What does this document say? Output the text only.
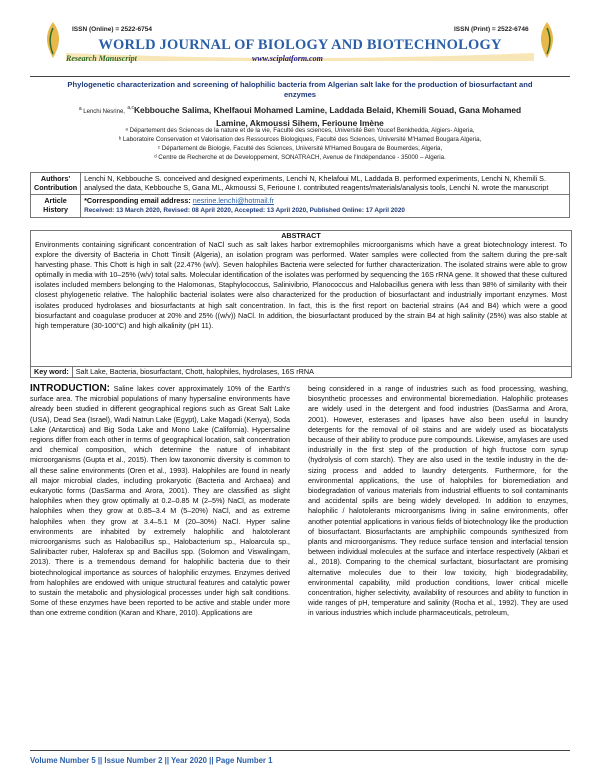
ISSN (Online) = 2522-6754	ISSN (Print) = 2522-6746
WORLD JOURNAL OF BIOLOGY AND BIOTECHNOLOGY
Research Manuscript	www.sciplatform.com
Phylogenetic characterization and screening of halophilic bacteria from Algerian salt lake for the production of biosurfactant and enzymes
$^a$ Lenchi Nesrine, $^{a,c}$Kebbouche Salima, Khelfaoui Mohamed Lamine, Laddada Belaid, Khemili Souad, Gana Mohamed
Lamine, Akmoussi Sihem, Ferioune Imène
ᵃ Département des Sciences de la nature et de la vie, Faculté des sciences, Université Ben Youcef Benkhedda, Algiers- Algeria,
ᵇ Laboratoire Conservation et Valorisation des Ressources Biologiques, Faculté des Sciences, Université M'Hamed Bougara Algeria,
ᶜ Département de Biologie, Faculté des Sciences, Université M'Hamed Bougara de Boumerdes, Algeria,
ᵈ Centre de Recherche et de Developpement, SONATRACH, Avenue de l'Indépendance - 35000 – Algeria.
Authors' Contribution	Lenchi N, Kebbouche S. conceived and designed experiments, Lenchi N, Khelafoui ML, Laddada B. performed experiments, Lenchi N, Khemili S. analysed the data, Kebbouche S, Gana ML, Akmoussi S, Ferioune I. contributed reagents/materials/analysis tools, Lenchi N. wrote the manuscript
Article History	*Corresponding email address: nesrine.lenchi@hotmail.fr
Received: 13 March 2020, Revised: 08 April 2020, Accepted: 13 April 2020, Published Online: 17 April 2020
ABSTRACT
Environments containing significant concentration of NaCl such as salt lakes harbor extremophiles microorganisms which have a great biotechnology interest. To explore the diversity of Bacteria in Chott Tinsilt (Algeria), an isolation program was performed. Water samples were collected from the saltern during the pre-salt harvesting phase. This Chott is high in salt (22.47% (w/v). Seven halophiles Bacteria were selected for further characterization. The isolated strains were able to grow optimally in media with 10–25% (w/v) total salts. Molecular identification of the isolates was performed by sequencing the 16S rRNA gene. It showed that these cultured isolates included members belonging to the Halomonas, Staphylococcus, Salinivibrio, Planococcus and Halobacillus genera with less than 98% of similarity with their closest phylogenetic relative. The halophilic bacterial isolates were also characterized for the production of biosurfactant and industrially important enzymes. Most isolates produced hydrolases and biosurfactants at high salt concentration. In fact, this is the first report on bacterial strains (A4 and B4) which were a good biosurfactant and coagulase producer at 20% and 25% ((w/v)) NaCl. In addition, the biosurfactant produced by the strain B4 at high salinity (25%) was also stable at high temperature (30-100°C) and high alkalinity (pH 11).
Key word: Salt Lake, Bacteria, biosurfactant, Chott, halophiles, hydrolases, 16S rRNA
INTRODUCTION: Saline lakes cover approximately 10% of the Earth's surface area. The microbial populations of many hypersaline environments have already been studied in different geographical regions such as Great Salt Lake (USA), Dead Sea (Israel), Wadi Natrun Lake (Egypt), Lake Magadi (Kenya), Soda Lake (Antarctica) and Big Soda Lake and Mono Lake (California). Hypersaline regions differ from each other in terms of geographical location, salt concentration and chemical composition, which determine the nature of inhabitant microorganisms (Gupta et al., 2015). Then low taxonomic diversity is common to all these saline environments (Oren et al., 1993). Halophiles are found in nearly all major microbial clades, including prokaryotic (Bacteria and Archaea) and eukaryotic forms (DasSarma and Arora, 2001). They are classified as slight halophiles when they grow optimally at 0.2–0.85 M (2–5%) NaCl, as moderate halophiles when they grow at 0.85–3.4 M (5–20%) NaCl, and as extreme halophiles when they grow at 3.4–5.1 M (20–30%) NaCl. Hyper saline environments are inhabited by extremely halophilic and halotolerant microorganisms such as Halobacillus sp., Halobacterium sp., Haloarcula sp., Salinibacter ruber, Haloferax sp and Bacillus spp. (Solomon and Viswalingam, 2013). There is a tremendous demand for halophilic bacteria due to their biotechnological importance as sources of halophilic enzymes. Enzymes derived from halophiles are endowed with unique structural features and catalytic power to sustain the metabolic and physiological processes under high salt conditions. Some of these enzymes have been reported to be active and stable under more than one extreme condition (Karan and Khare, 2010). Applications are
being considered in a range of industries such as food processing, washing, biosynthetic processes and environmental bioremediation. Halophilic proteases are widely used in the detergent and food industries (DasSarma and Arora, 2001). However, esterases and lipases have also been useful in laundry detergents for the removal of oil stains and are widely used as biocatalysts because of their ability to produce pure compounds. Likewise, amylases are used industrially in the first step of the production of high fructose corn syrup (hydrolysis of corn starch). They are also used in the textile industry in the de-sizing process and added to laundry detergents. Furthermore, for the environmental applications, the use of halophiles for bioremediation and biodegradation of various materials from industrial effluents to soil contaminants and accidental spills are being widely developed. In addition to enzymes, halophilic / halotolerants microorganisms living in saline environments, offer another potential applications in various fields of biotechnology like the production of biosurfactant. Biosurfactants are amphiphilic compounds synthesized from plants and microorganisms. They reduce surface tension and interfacial tension between individual molecules at the surface and interface respectively (Akbari et al., 2018). Comparing to the chemical surfactant, biosurfactant are promising alternative molecules due to their low toxicity, high biodegradability, environmental capability, mild production conditions, lower critical micelle concentration, higher selectivity, availability of resources and ability to function in wide ranges of pH, temperature and salinity (Rocha et al., 1992). They are used in various industries which include pharmaceuticals, petroleum,
Volume Number 5 || Issue Number 2 || Year 2020 || Page Number 1
